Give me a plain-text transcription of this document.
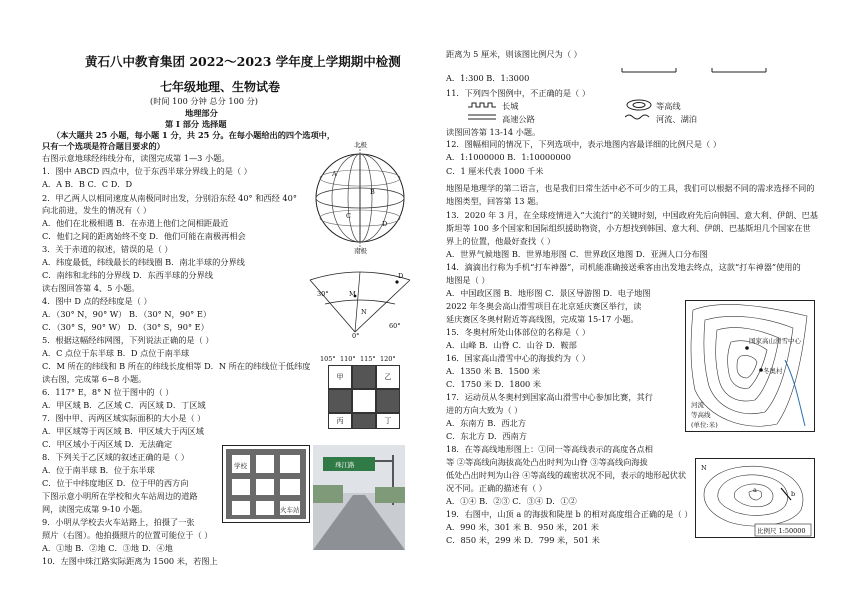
黄石八中教育集团 2022～2023 学年度上学期期中检测
七年级地理、生物试卷
(时间 100 分钟 总分 100 分)
地理部分
第 I 部分 选择题
（本大题共 25 小题，每小题 1 分，共 25 分。在每小题给出的四个选项中，
只有一个选项是符合题目要求的）
右图示意地球经纬线分布，读图完成第 1—3 小题。
1．图中 ABCD 四点中，位于东西半球分界线上的是（ ）
A．A B．B C．C D．D
2．甲乙两人以相同速度从南极同时出发，分别沿东经 40° 和西经 40°
向北前进，发生的情况有（ ）
A．他们在北极相遇 B．在赤道上他们之间相距最近
C．他们之间的距离始终不变 D．他们可能在南极再相会
3．关于赤道的叙述，错误的是（ ）
A．纬度最低，纬线最长的纬线圈 B．南北半球的分界线
C．南纬和北纬的分界线 D．东西半球的分界线
读右图回答第 4、5 小题。
4．图中 D 点的经纬度是（ ）
A．（30° N，90° W） B．（30° N，90° E）
C．（30° S，90° W） D．（30° S，90° E）
5．根据这幅经纬网图，下列说法正确的是（ ）
A．C 点位于东半球 B．D 点位于南半球
C．M 所在的纬线和 B 所在的纬线长度相等 D．N 所在的纬线位于低纬度
读右图，完成第 6~8 小题。
6．117° E，8° N 位于图中的（ ）
A．甲区域 B．乙区域 C．丙区域 D．丁区域
7．图中甲、丙两区域实际面积的大小是（ ）
A．甲区域等于丙区域 B．甲区域大于丙区域
C．甲区域小于丙区域 D．无法确定
8．下列关于乙区域的叙述正确的是（ ）
A．位于南半球 B．位于东半球
C．位于中纬度地区 D．位于甲的西方向
下图示意小明所在学校和火车站周边的道路
网，读图完成第 9-10 小题。
9．小明从学校去火车站路上，拍摄了一张
照片（右图）。他拍摄照片的位置可能位于（ ）
A．①地 B．②地 C．③地 D．④地
10．左图中珠江路实际距离为 1500 米，若图上
北极
南极
A
B
C
D
D
M
N
30°
60°
0°
105° 110° 115° 120°
甲	乙
丙	丁
学校
火车站
珠江路
距离为 5 厘米，则该图比例尺为（ ）
A．1:300 B．1:3000
11．下列四个图例中，不正确的是（ ）
长城	等高线
高速公路	河流、湖泊
读图回答第 13-14 小题。
12．图幅相同的情况下，下列选项中，表示地图内容最详细的比例尺是（ ）
A．1:1000000 B．1:10000000
C．1 厘米代表 1000 千米
地图是地理学的第二语言，也是我们日常生活中必不可少的工具，我们可以根据不同的需求选择不同的
地图类型，回答第 13 题。
13．2020 年 3 月，在全球疫情进入“大流行”的关键时刻，中国政府先后向韩国、意大利、伊朗、巴基
斯坦等 100 多个国家和国际组织援助物资，小方想找到韩国、意大利、伊朗、巴基斯坦几个国家在世
界上的位置，他最好查找（ ）
A．世界气候地图 B．世界地形图 C．世界政区地图 D．亚洲人口分布图
14．滴滴出行称为手机“打车神器”，司机能准确接送乘客由出发地去终点，这款“打车神器”使用的
地图是（ ）
A．中国政区图 B．地形图 C．景区导游图 D．电子地图
2022 年冬奥会高山滑雪项目在北京延庆赛区举行，读
延庆赛区冬奥村附近等高线图，完成第 15-17 小题。
15．冬奥村所处山体部位的名称是（ ）
A．山峰 B．山脊 C．山谷 D．鞍部
16．国家高山滑雪中心的海拔约为（ ）
A．1350 米 B．1500 米
C．1750 米 D．1800 米
17．运动员从冬奥村到国家高山滑雪中心参加比赛，其行
进的方向大致为（ ）
A．东南方 B．西北方
C．东北方 D．西南方
18．在等高线地形图上：①同一等高线表示的高度各点相
等 ②等高线向海拔高处凸出时判为山脊 ③等高线向海拔
低处凸出时判为山谷 ④等高线的疏密状况不同，表示的地形起伏状
况不同。正确的描述有（ ）
A．①④ B．②③ C．③④ D．①②
19．右图中，山顶 a 的海拔和陡崖 b 的相对高度组合正确的是（ ）
A．990 米，301 米 B．950 米，201 米
C．850 米，299 米 D．799 米，501 米
国家高山滑雪中心
冬奥村
河流
等高线
(单位:米)
a	b
N
比例尺 1:50000
